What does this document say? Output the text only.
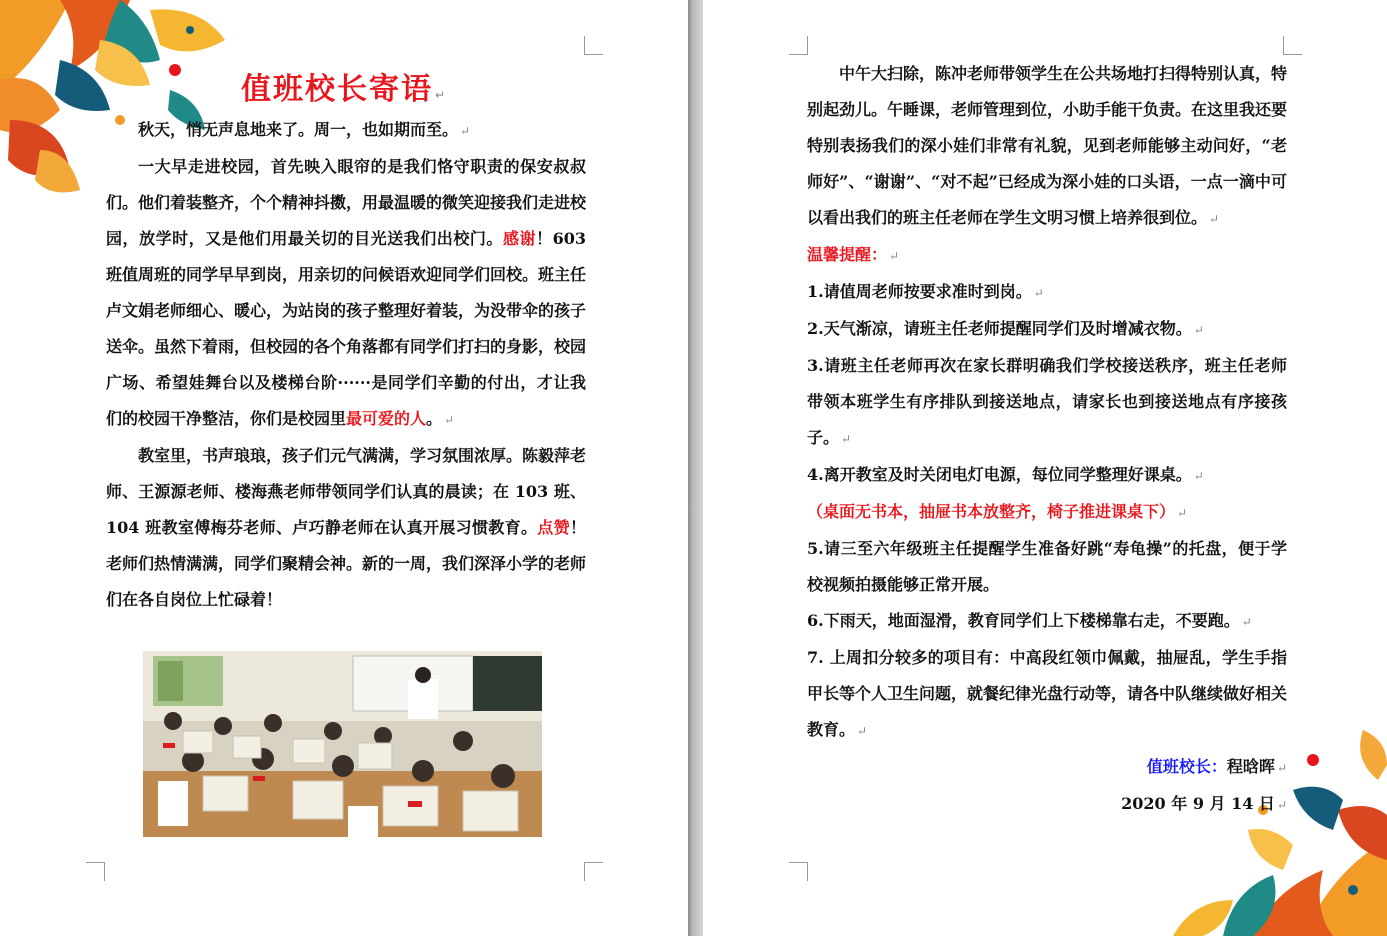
值班校长寄语 ↵

秋天，悄无声息地来了。周一，也如期而至。 ↵

一大早走进校园，首先映入眼帘的是我们恪守职责的保安叔叔们。他们着装整齐，个个精神抖擞，用最温暖的微笑迎接我们走进校园，放学时，又是他们用最关切的目光送我们出校门。感谢！603 班值周班的同学早早到岗，用亲切的问候语欢迎同学们回校。班主任卢文娟老师细心、暖心，为站岗的孩子整理好着装，为没带伞的孩子送伞。虽然下着雨，但校园的各个角落都有同学们打扫的身影，校园广场、希望娃舞台以及楼梯台阶······是同学们辛勤的付出，才让我们的校园干净整洁，你们是校园里最可爱的人。 ↵

教室里，书声琅琅，孩子们元气满满，学习氛围浓厚。陈毅萍老师、王源源老师、楼海燕老师带领同学们认真的晨读；在 103 班、104 班教室傅梅芬老师、卢巧静老师在认真开展习惯教育。点赞！老师们热情满满，同学们聚精会神。新的一周，我们深泽小学的老师们在各自岗位上忙碌着！

中午大扫除，陈冲老师带领学生在公共场地打扫得特别认真，特别起劲儿。午睡课，老师管理到位，小助手能干负责。在这里我还要特别表扬我们的深小娃们非常有礼貌，见到老师能够主动问好，“老师好”、“谢谢”、“对不起”已经成为深小娃的口头语，一点一滴中可以看出我们的班主任老师在学生文明习惯上培养很到位。 ↵

温馨提醒： ↵

1.请值周老师按要求准时到岗。 ↵

2.天气渐凉，请班主任老师提醒同学们及时增减衣物。 ↵

3.请班主任老师再次在家长群明确我们学校接送秩序，班主任老师带领本班学生有序排队到接送地点，请家长也到接送地点有序接孩子。 ↵

4.离开教室及时关闭电灯电源，每位同学整理好课桌。 ↵

（桌面无书本，抽屉书本放整齐，椅子推进课桌下） ↵

5.请三至六年级班主任提醒学生准备好跳“寿龟操”的托盘，便于学校视频拍摄能够正常开展。

6.下雨天，地面湿滑，教育同学们上下楼梯靠右走，不要跑。 ↵

7. 上周扣分较多的项目有：中高段红领巾佩戴，抽屉乱，学生手指甲长等个人卫生问题，就餐纪律光盘行动等，请各中队继续做好相关教育。 ↵

值班校长：程晗晖 ↵

2020 年 9 月 14 日 ↵
